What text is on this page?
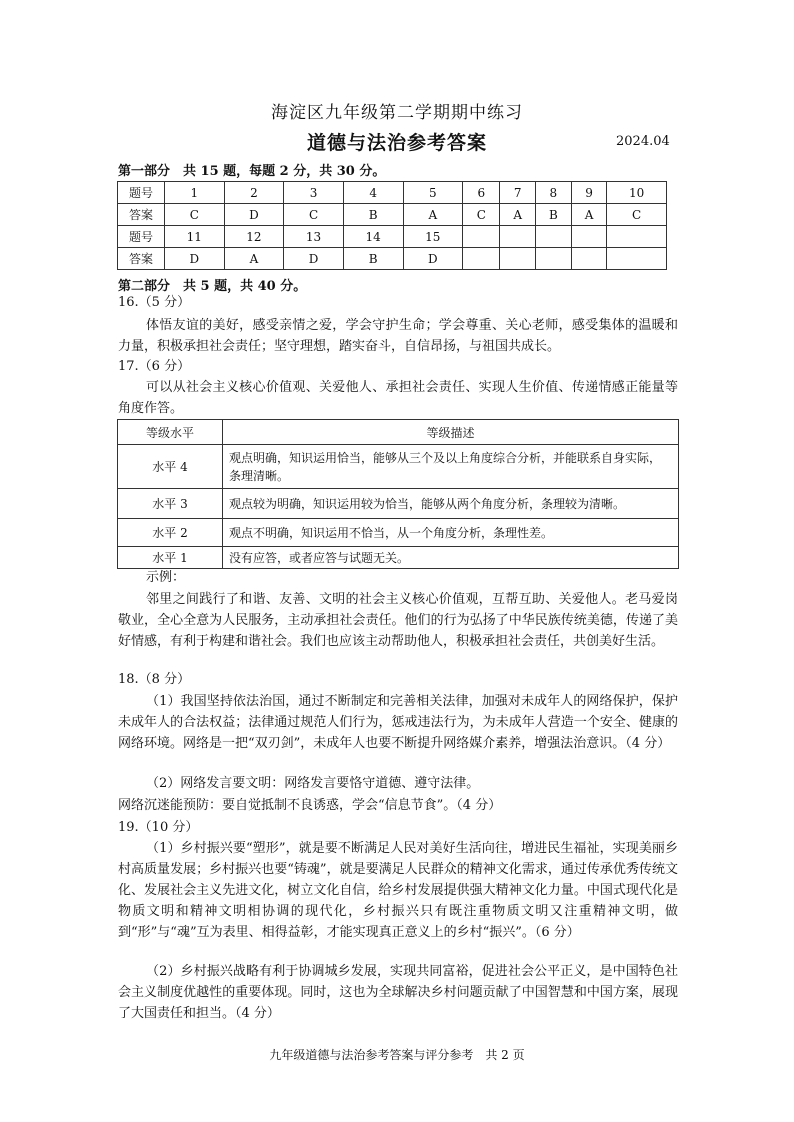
海淀区九年级第二学期期中练习
道德与法治参考答案	2024.04
第一部分　共 15 题，每题 2 分，共 30 分。
题号	1	2	3	4	5	6	7	8	9	10
答案	C	D	C	B	A	C	A	B	A	C
题号	11	12	13	14	15					
答案	D	A	D	B	D					
第二部分　共 5 题，共 40 分。
16.（5 分）
体悟友谊的美好，感受亲情之爱，学会守护生命；学会尊重、关心老师，感受集体的温暖和力量，积极承担社会责任；坚守理想，踏实奋斗，自信昂扬，与祖国共成长。
17.（6 分）
可以从社会主义核心价值观、关爱他人、承担社会责任、实现人生价值、传递情感正能量等角度作答。
等级水平	等级描述
水平 4	观点明确，知识运用恰当，能够从三个及以上角度综合分析，并能联系自身实际，条理清晰。
水平 3	观点较为明确，知识运用较为恰当，能够从两个角度分析，条理较为清晰。
水平 2	观点不明确，知识运用不恰当，从一个角度分析，条理性差。
水平 1	没有应答，或者应答与试题无关。
示例：
邻里之间践行了和谐、友善、文明的社会主义核心价值观，互帮互助、关爱他人。老马爱岗敬业，全心全意为人民服务，主动承担社会责任。他们的行为弘扬了中华民族传统美德，传递了美好情感，有利于构建和谐社会。我们也应该主动帮助他人，积极承担社会责任，共创美好生活。
18.（8 分）
（1）我国坚持依法治国，通过不断制定和完善相关法律，加强对未成年人的网络保护，保护未成年人的合法权益；法律通过规范人们行为，惩戒违法行为，为未成年人营造一个安全、健康的网络环境。网络是一把“双刃剑”，未成年人也要不断提升网络媒介素养，增强法治意识。（4 分）
（2）网络发言要文明：网络发言要恪守道德、遵守法律。
网络沉迷能预防：要自觉抵制不良诱惑，学会“信息节食”。（4 分）
19.（10 分）
（1）乡村振兴要“塑形”，就是要不断满足人民对美好生活向往，增进民生福祉，实现美丽乡村高质量发展；乡村振兴也要“铸魂”，就是要满足人民群众的精神文化需求，通过传承优秀传统文化、发展社会主义先进文化，树立文化自信，给乡村发展提供强大精神文化力量。中国式现代化是物质文明和精神文明相协调的现代化，乡村振兴只有既注重物质文明又注重精神文明，做到“形”与“魂”互为表里、相得益彰，才能实现真正意义上的乡村“振兴”。（6 分）
（2）乡村振兴战略有利于协调城乡发展，实现共同富裕，促进社会公平正义，是中国特色社会主义制度优越性的重要体现。同时，这也为全球解决乡村问题贡献了中国智慧和中国方案，展现了大国责任和担当。（4 分）
九年级道德与法治参考答案与评分参考　共 2 页
